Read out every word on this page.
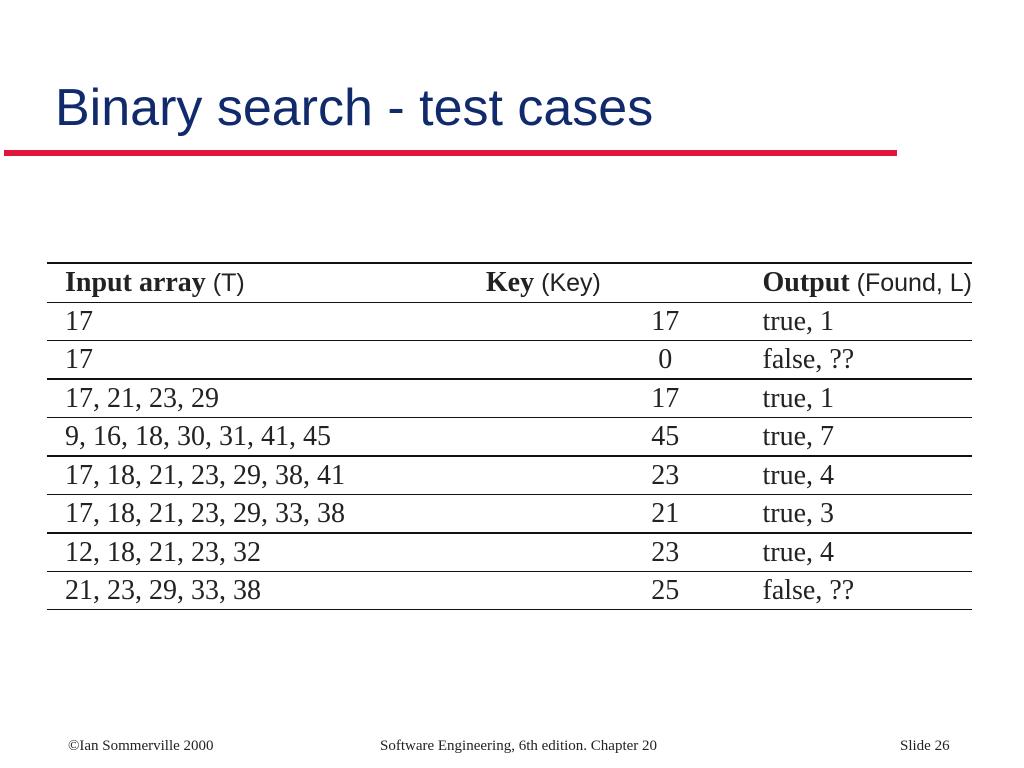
Binary search - test cases
Input array (T)	Key (Key)	Output (Found, L)
17	17	true, 1
17	0	false, ??
17, 21, 23, 29	17	true, 1
9, 16, 18, 30, 31, 41, 45	45	true, 7
17, 18, 21, 23, 29, 38, 41	23	true, 4
17, 18, 21, 23, 29, 33, 38	21	true, 3
12, 18, 21, 23, 32	23	true, 4
21, 23, 29, 33, 38	25	false, ??
©Ian Sommerville 2000	Software Engineering, 6th edition. Chapter 20	Slide 26
